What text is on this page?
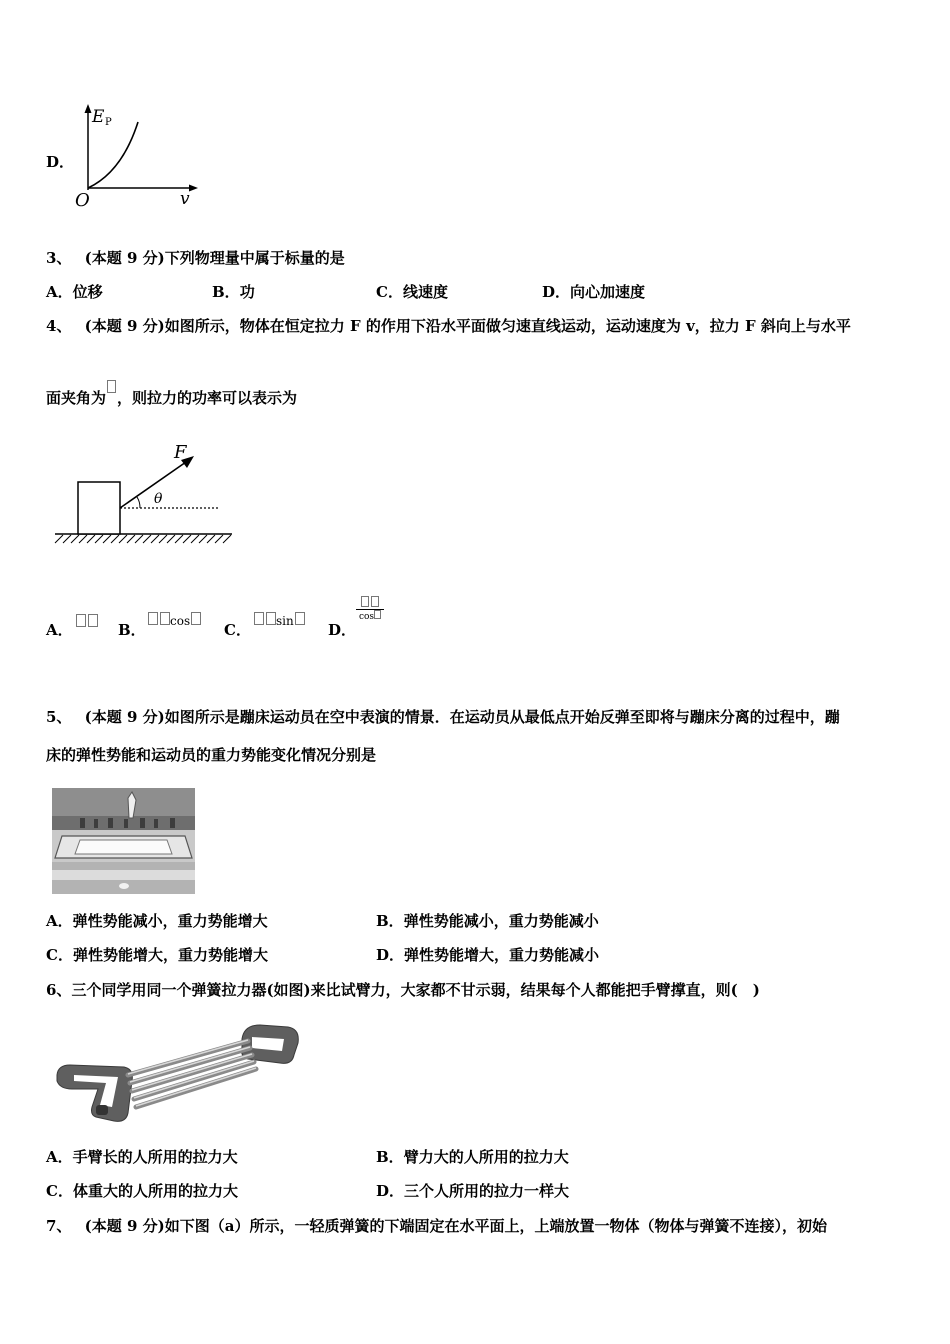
D．
E P
O	v
3、 (本题 9 分)下列物理量中属于标量的是
A．位移	B．功	C．线速度	D．向心加速度
4、 (本题 9 分)如图所示，物体在恒定拉力 F 的作用下沿水平面做匀速直线运动，运动速度为 v，拉力 F 斜向上与水平
面夹角为 ，则拉力的功率可以表示为
F
θ
A．	B．	cos	C．	sin	D．
cos
5、 (本题 9 分)如图所示是蹦床运动员在空中表演的情景．在运动员从最低点开始反弹至即将与蹦床分离的过程中，蹦
床的弹性势能和运动员的重力势能变化情况分别是
A．弹性势能减小，重力势能增大	B．弹性势能减小，重力势能减小
C．弹性势能增大，重力势能增大	D．弹性势能增大，重力势能减小
6、三个同学用同一个弹簧拉力器(如图)来比试臂力，大家都不甘示弱，结果每个人都能把手臂撑直，则(　)
A．手臂长的人所用的拉力大	B．臂力大的人所用的拉力大
C．体重大的人所用的拉力大	D．三个人所用的拉力一样大
7、 (本题 9 分)如下图（a）所示，一轻质弹簧的下端固定在水平面上，上端放置一物体（物体与弹簧不连接），初始
